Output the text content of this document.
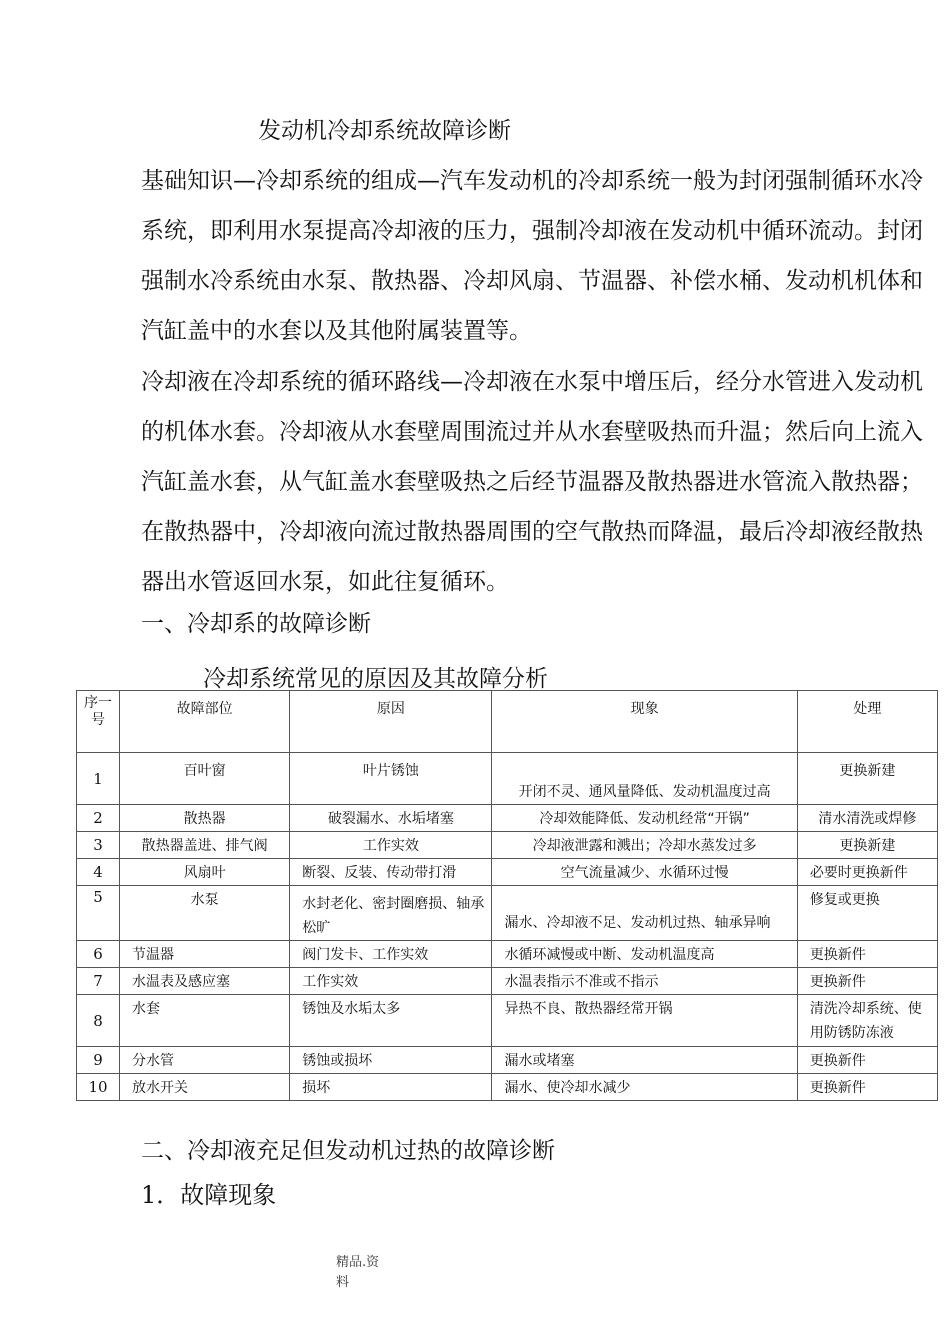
发动机冷却系统故障诊断
基础知识—冷却系统的组成—汽车发动机的冷却系统一般为封闭强制循环水冷系统，即利用水泵提高冷却液的压力，强制冷却液在发动机中循环流动。封闭强制水冷系统由水泵、散热器、冷却风扇、节温器、补偿水桶、发动机机体和汽缸盖中的水套以及其他附属装置等。
冷却液在冷却系统的循环路线—冷却液在水泵中增压后，经分水管进入发动机的机体水套。冷却液从水套壁周围流过并从水套壁吸热而升温；然后向上流入汽缸盖水套，从气缸盖水套壁吸热之后经节温器及散热器进水管流入散热器；在散热器中，冷却液向流过散热器周围的空气散热而降温，最后冷却液经散热器出水管返回水泵，如此往复循环。
一、冷却系的故障诊断
冷却系统常见的原因及其故障分析
序一号	故障部位	原因	现象	处理

1	百叶窗	叶片锈蚀	开闭不灵、通风量降低、发动机温度过高	更换新建

2	散热器	破裂漏水、水垢堵塞	冷却效能降低、发动机经常“开锅”	清水清洗或焊修

3	散热器盖进、排气阀	工作实效	冷却液泄露和溅出；冷却水蒸发过多	更换新建

4	风扇叶	断裂、反装、传动带打滑	空气流量减少、水循环过慢	必要时更换新件

5	水泵	水封老化、密封圈磨损、轴承松旷	漏水、冷却液不足、发动机过热、轴承异响	修复或更换

6	节温器	阀门发卡、工作实效	水循环减慢或中断、发动机温度高	更换新件

7	水温表及感应塞	工作实效	水温表指示不准或不指示	更换新件

8	水套	锈蚀及水垢太多	异热不良、散热器经常开锅	清洗冷却系统、使用防锈防冻液

9	分水管	锈蚀或损坏	漏水或堵塞	更换新件

10	放水开关	损坏	漏水、使冷却水减少	更换新件
二、冷却液充足但发动机过热的故障诊断
1．故障现象
精品.资料
